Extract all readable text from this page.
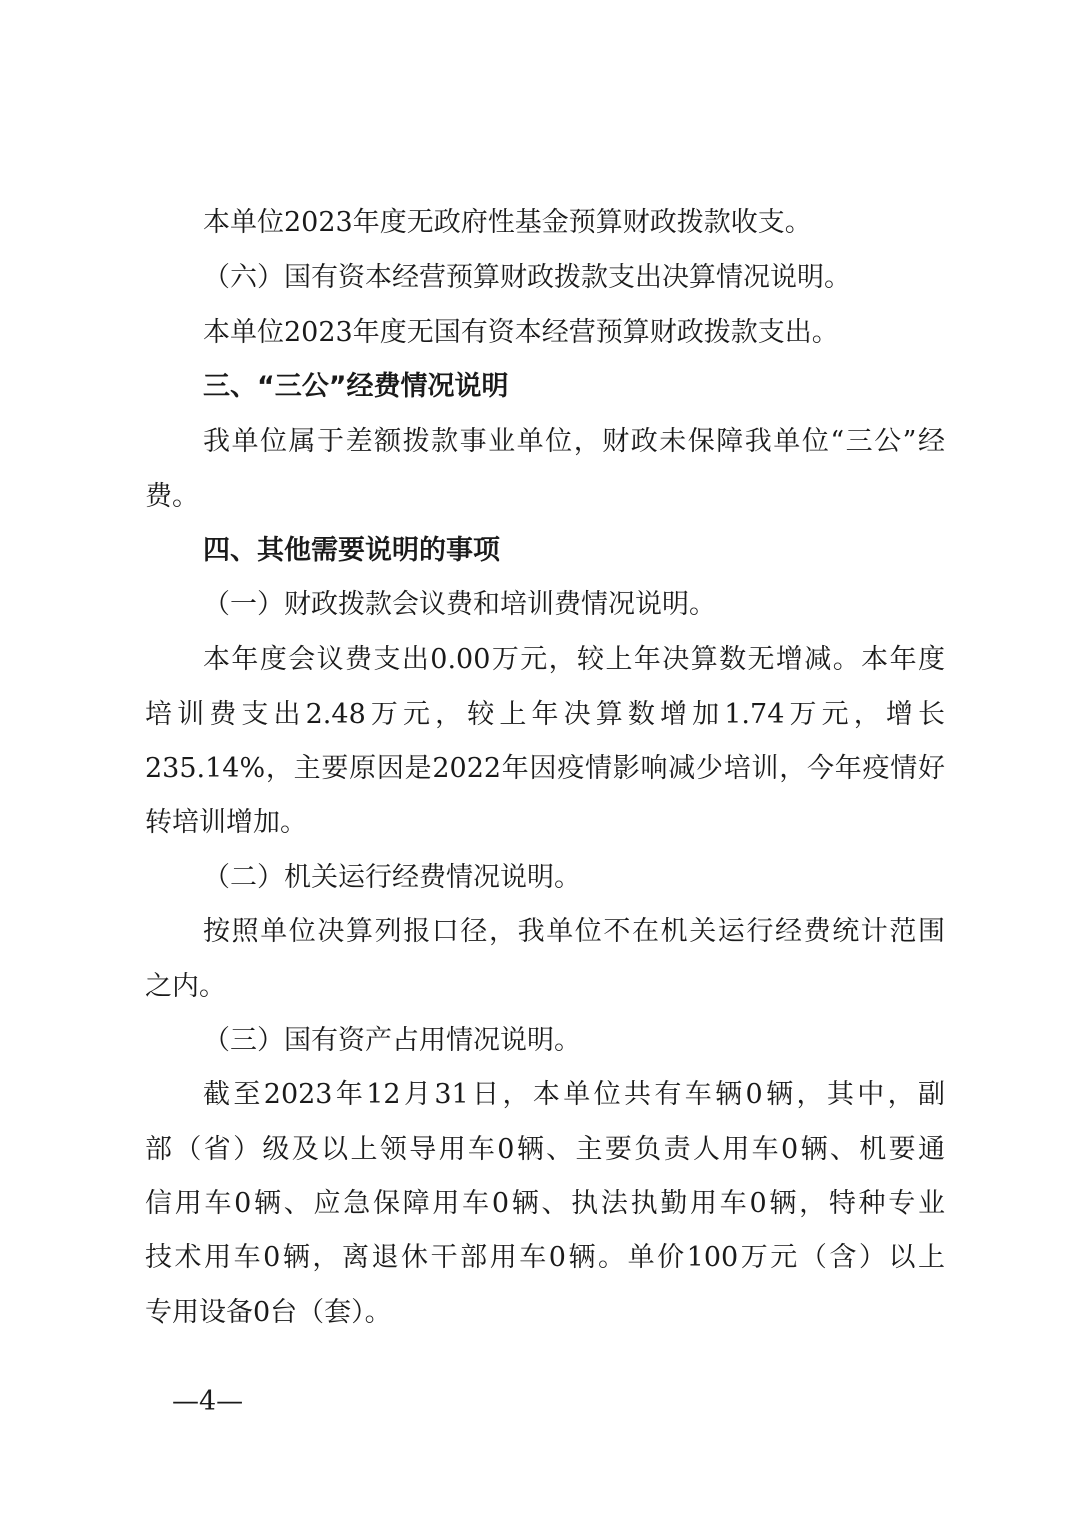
本单位2023年度无政府性基金预算财政拨款收支。
（六）国有资本经营预算财政拨款支出决算情况说明。
本单位2023年度无国有资本经营预算财政拨款支出。
三、“三公”经费情况说明
我单位属于差额拨款事业单位，财政未保障我单位“三公”经
费。
四、其他需要说明的事项
（一）财政拨款会议费和培训费情况说明。
本年度会议费支出0.00万元，较上年决算数无增减。本年度
培训费支出2.48万元，较上年决算数增加1.74万元，增长
235.14%，主要原因是2022年因疫情影响减少培训，今年疫情好
转培训增加。
（二）机关运行经费情况说明。
按照单位决算列报口径，我单位不在机关运行经费统计范围
之内。
（三）国有资产占用情况说明。
截至2023年12月31日，本单位共有车辆0辆，其中，副
部（省）级及以上领导用车0辆、主要负责人用车0辆、机要通
信用车0辆、应急保障用车0辆、执法执勤用车0辆，特种专业
技术用车0辆，离退休干部用车0辆。单价100万元（含）以上
专用设备0台（套）。
—4—
